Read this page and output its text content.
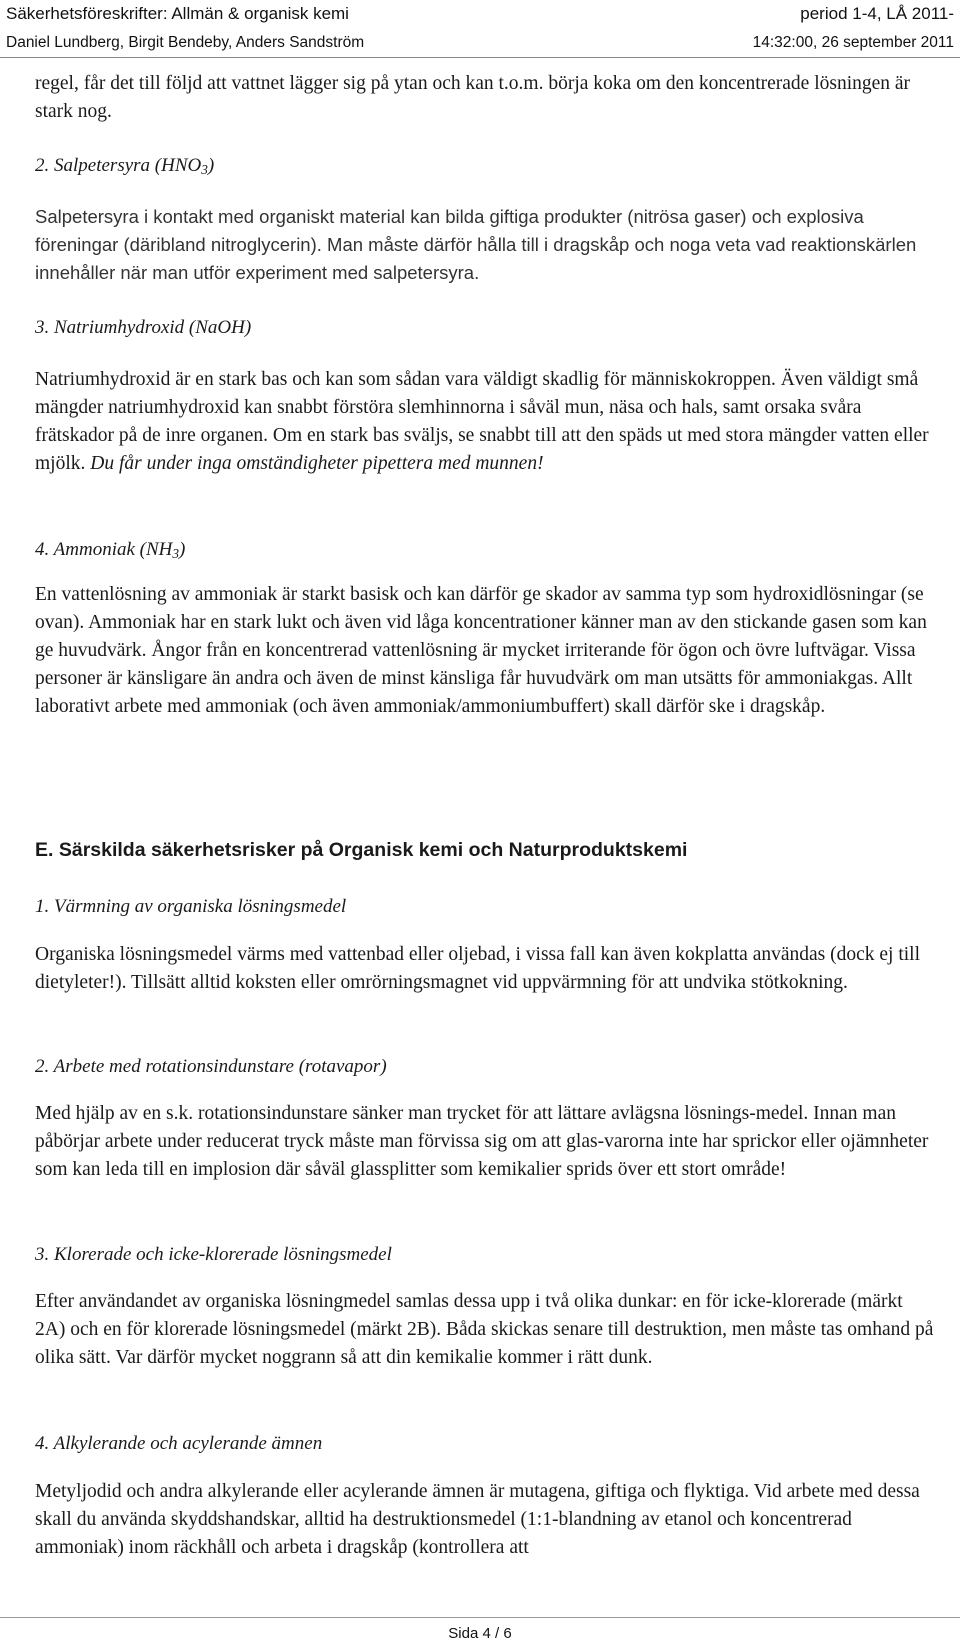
Säkerhetsföreskrifter: Allmän & organisk kemi	period 1-4, LÅ 2011-
Daniel Lundberg, Birgit Bendeby, Anders Sandström	14:32:00, 26 september 2011

regel, får det till följd att vattnet lägger sig på ytan och kan t.o.m. börja koka om den koncentrerade lösningen är stark nog.

2. Salpetersyra (HNO3)

Salpetersyra i kontakt med organiskt material kan bilda giftiga produkter (nitrösa gaser) och explosiva föreningar (däribland nitroglycerin). Man måste därför hålla till i dragskåp och noga veta vad reaktionskärlen innehåller när man utför experiment med salpetersyra.

3. Natriumhydroxid (NaOH)

Natriumhydroxid är en stark bas och kan som sådan vara väldigt skadlig för människokroppen. Även väldigt små mängder natriumhydroxid kan snabbt förstöra slemhinnorna i såväl mun, näsa och hals, samt orsaka svåra frätskador på de inre organen. Om en stark bas sväljs, se snabbt till att den späds ut med stora mängder vatten eller mjölk. Du får under inga omständigheter pipettera med munnen!

4. Ammoniak (NH3)

En vattenlösning av ammoniak är starkt basisk och kan därför ge skador av samma typ som hydroxidlösningar (se ovan). Ammoniak har en stark lukt och även vid låga koncentrationer känner man av den stickande gasen som kan ge huvudvärk. Ångor från en koncentrerad vattenlösning är mycket irriterande för ögon och övre luftvägar. Vissa personer är känsligare än andra och även de minst känsliga får huvudvärk om man utsätts för ammoniakgas. Allt laborativt arbete med ammoniak (och även ammoniak/ammoniumbuffert) skall därför ske i dragskåp.

E. Särskilda säkerhetsrisker på Organisk kemi och Naturproduktskemi
1. Värmning av organiska lösningsmedel

Organiska lösningsmedel värms med vattenbad eller oljebad, i vissa fall kan även kokplatta användas (dock ej till dietyleter!). Tillsätt alltid koksten eller omrörningsmagnet vid uppvärmning för att undvika stötkokning.

2. Arbete med rotationsindunstare (rotavapor)

Med hjälp av en s.k. rotationsindunstare sänker man trycket för att lättare avlägsna lösnings-medel. Innan man påbörjar arbete under reducerat tryck måste man förvissa sig om att glas-varorna inte har sprickor eller ojämnheter som kan leda till en implosion där såväl glassplitter som kemikalier sprids över ett stort område!

3. Klorerade och icke-klorerade lösningsmedel

Efter användandet av organiska lösningmedel samlas dessa upp i två olika dunkar: en för icke-klorerade (märkt 2A) och en för klorerade lösningsmedel (märkt 2B). Båda skickas senare till destruktion, men måste tas omhand på olika sätt. Var därför mycket noggrann så att din kemikalie kommer i rätt dunk.

4. Alkylerande och acylerande ämnen

Metyljodid och andra alkylerande eller acylerande ämnen är mutagena, giftiga och flyktiga. Vid arbete med dessa skall du använda skyddshandskar, alltid ha destruktionsmedel (1:1-blandning av etanol och koncentrerad ammoniak) inom räckhåll och arbeta i dragskåp (kontrollera att

Sida 4 / 6
